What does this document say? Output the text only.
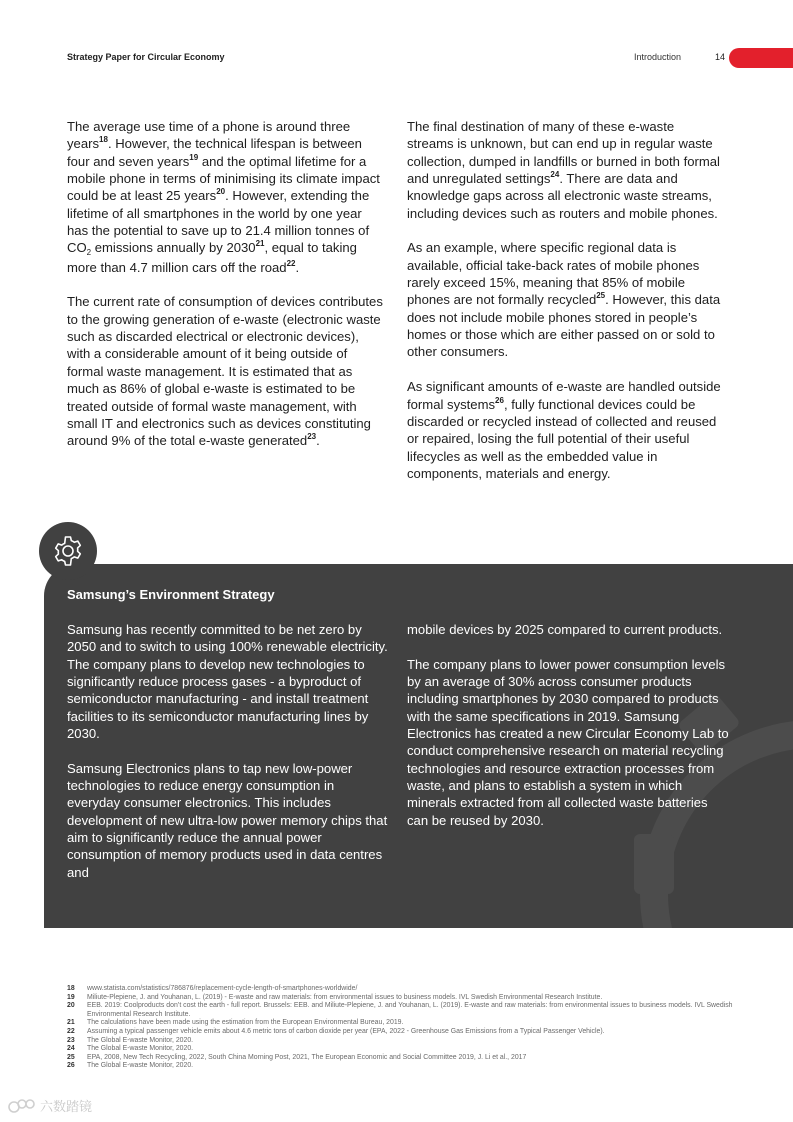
Strategy Paper for Circular Economy	Introduction	14

The average use time of a phone is around three years$^{18}$. However, the technical lifespan is between four and seven years$^{19}$ and the optimal lifetime for a mobile phone in terms of minimising its climate impact could be at least 25 years$^{20}$. However, extending the lifetime of all smartphones in the world by one year has the potential to save up to 21.4 million tonnes of $CO_2$ emissions annually by 2030$^{21}$, equal to taking more than 4.7 million cars off the road$^{22}$.

The current rate of consumption of devices contributes to the growing generation of e-waste (electronic waste such as discarded electrical or electronic devices), with a considerable amount of it being outside of formal waste management. It is estimated that as much as 86% of global e-waste is estimated to be treated outside of formal waste management, with small IT and electronics such as devices constituting around 9% of the total e-waste generated$^{23}$.

The final destination of many of these e-waste streams is unknown, but can end up in regular waste collection, dumped in landfills or burned in both formal and unregulated settings$^{24}$. There are data and knowledge gaps across all electronic waste streams, including devices such as routers and mobile phones.

As an example, where specific regional data is available, official take-back rates of mobile phones rarely exceed 15%, meaning that 85% of mobile phones are not formally recycled$^{25}$. However, this data does not include mobile phones stored in people’s homes or those which are either passed on or sold to other consumers.

As significant amounts of e-waste are handled outside formal systems$^{26}$, fully functional devices could be discarded or recycled instead of collected and reused or repaired, losing the full potential of their useful lifecycles as well as the embedded value in components, materials and energy.

Samsung’s Environment Strategy

Samsung has recently committed to be net zero by 2050 and to switch to using 100% renewable electricity. The company plans to develop new technologies to significantly reduce process gases - a byproduct of semiconductor manufacturing - and install treatment facilities to its semiconductor manufacturing lines by 2030.

Samsung Electronics plans to tap new low-power technologies to reduce energy consumption in everyday consumer electronics. This includes development of new ultra-low power memory chips that aim to significantly reduce the annual power consumption of memory products used in data centres and

mobile devices by 2025 compared to current products.

The company plans to lower power consumption levels by an average of 30% across consumer products including smartphones by 2030 compared to products with the same specifications in 2019. Samsung Electronics has created a new Circular Economy Lab to conduct comprehensive research on material recycling technologies and resource extraction processes from waste, and plans to establish a system in which minerals extracted from all collected waste batteries can be reused by 2030.

18	www.statista.com/statistics/786876/replacement-cycle-length-of-smartphones-worldwide/
19	Miliute-Plepiene, J. and Youhanan, L. (2019) - E-waste and raw materials: from environmental issues to business models. IVL Swedish Environmental Research Institute.
20	EEB. 2019: Coolproducts don’t cost the earth - full report. Brussels: EEB. and Miliute-Plepiene, J. and Youhanan, L. (2019). E-waste and raw materials: from environmental issues to business models. IVL Swedish Environmental Research Institute.
21	The calculations have been made using the estimation from the European Environmental Bureau, 2019.
22	Assuming a typical passenger vehicle emits about 4.6 metric tons of carbon dioxide per year (EPA, 2022 - Greenhouse Gas Emissions from a Typical Passenger Vehicle).
23	The Global E-waste Monitor, 2020.
24	The Global E-waste Monitor, 2020.
25	EPA, 2008, New Tech Recycling, 2022, South China Morning Post, 2021, The European Economic and Social Committee 2019, J. Li et al., 2017
26	The Global E-waste Monitor, 2020.
六数踏镜
